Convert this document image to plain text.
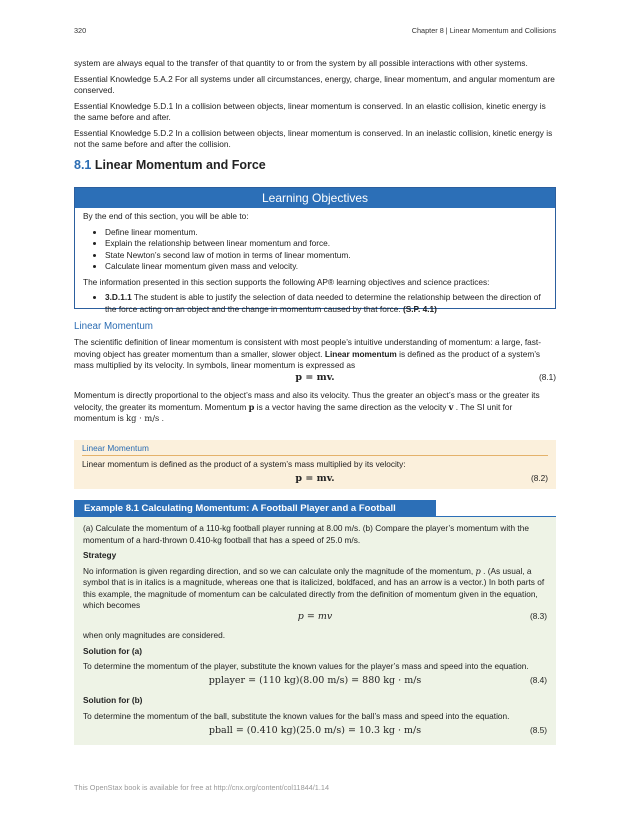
320	Chapter 8 | Linear Momentum and Collisions

system are always equal to the transfer of that quantity to or from the system by all possible interactions with other systems.

Essential Knowledge 5.A.2 For all systems under all circumstances, energy, charge, linear momentum, and angular momentum are conserved.

Essential Knowledge 5.D.1 In a collision between objects, linear momentum is conserved. In an elastic collision, kinetic energy is the same before and after.

Essential Knowledge 5.D.2 In a collision between objects, linear momentum is conserved. In an inelastic collision, kinetic energy is not the same before and after the collision.

8.1 Linear Momentum and Force
Learning Objectives

By the end of this section, you will be able to:

• Define linear momentum.
• Explain the relationship between linear momentum and force.
• State Newton’s second law of motion in terms of linear momentum.
• Calculate linear momentum given mass and velocity.

The information presented in this section supports the following AP® learning objectives and science practices:

• 3.D.1.1 The student is able to justify the selection of data needed to determine the relationship between the direction of the force acting on an object and the change in momentum caused by that force. (S.P. 4.1)
Linear Momentum
The scientific definition of linear momentum is consistent with most people’s intuitive understanding of momentum: a large, fast-moving object has greater momentum than a smaller, slower object. Linear momentum is defined as the product of a system’s mass multiplied by its velocity. In symbols, linear momentum is expressed as
p = mv.	(8.1)
Momentum is directly proportional to the object’s mass and also its velocity. Thus the greater an object’s mass or the greater its velocity, the greater its momentum. Momentum p is a vector having the same direction as the velocity v . The SI unit for momentum is kg · m/s .
Linear Momentum
Linear momentum is defined as the product of a system’s mass multiplied by its velocity:
p = mv.	(8.2)
Example 8.1 Calculating Momentum: A Football Player and a Football

(a) Calculate the momentum of a 110-kg football player running at 8.00 m/s. (b) Compare the player’s momentum with the momentum of a hard-thrown 0.410-kg football that has a speed of 25.0 m/s.

Strategy

No information is given regarding direction, and so we can calculate only the magnitude of the momentum, p . (As usual, a symbol that is in italics is a magnitude, whereas one that is italicized, boldfaced, and has an arrow is a vector.) In both parts of this example, the magnitude of momentum can be calculated directly from the definition of momentum given in the equation, which becomes

p = mv	(8.3)

when only magnitudes are considered.

Solution for (a)

To determine the momentum of the player, substitute the known values for the player’s mass and speed into the equation.

pplayer = (110 kg)(8.00 m/s) = 880 kg · m/s	(8.4)

Solution for (b)

To determine the momentum of the ball, substitute the known values for the ball’s mass and speed into the equation.

pball = (0.410 kg)(25.0 m/s) = 10.3 kg · m/s	(8.5)
This OpenStax book is available for free at http://cnx.org/content/col11844/1.14
